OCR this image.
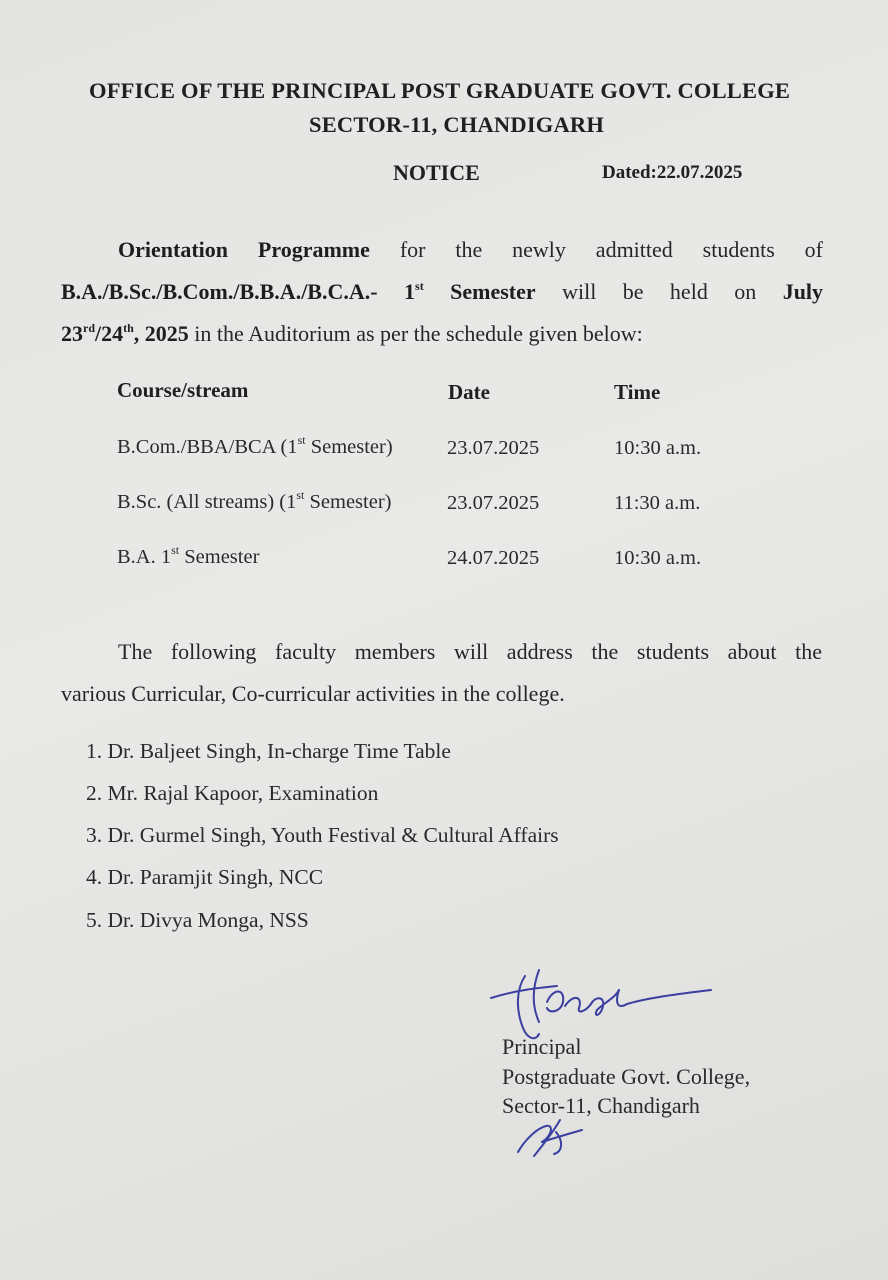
OFFICE OF THE PRINCIPAL POST GRADUATE GOVT. COLLEGE
SECTOR-11, CHANDIGARH
NOTICE	Dated:22.07.2025
Orientation Programme for the newly admitted students of
B.A./B.Sc./B.Com./B.B.A./B.C.A.- 1st Semester will be held on July
23rd/24th, 2025 in the Auditorium as per the schedule given below:
Course/stream	Date	Time
B.Com./BBA/BCA (1st Semester)	23.07.2025	10:30 a.m.
B.Sc. (All streams) (1st Semester)	23.07.2025	11:30 a.m.
B.A. 1st Semester	24.07.2025	10:30 a.m.
The following faculty members will address the students about the
various Curricular, Co-curricular activities in the college.
1. Dr. Baljeet Singh, In-charge Time Table
2. Mr. Rajal Kapoor, Examination
3. Dr. Gurmel Singh, Youth Festival & Cultural Affairs
4. Dr. Paramjit Singh, NCC
5. Dr. Divya Monga, NSS
Principal
Postgraduate Govt. College,
Sector-11, Chandigarh
